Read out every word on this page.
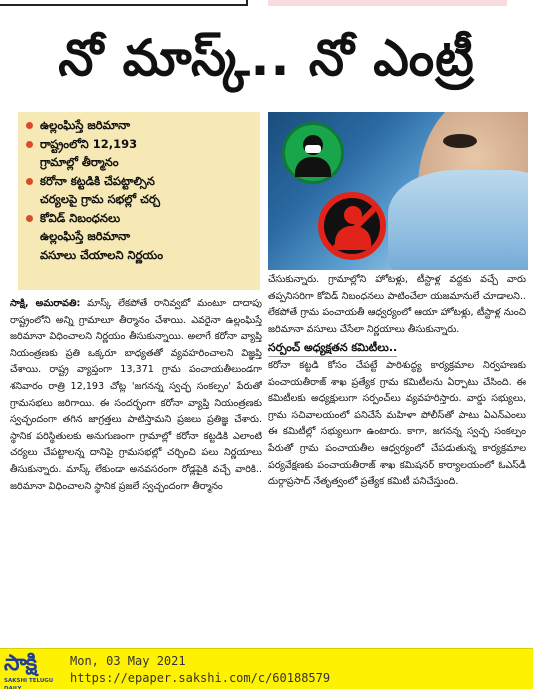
నో మాస్క్‌.. నో ఎంట్రీ
ఉల్లంఘిస్తే జరిమానా
రాష్ట్రంలోని 12,193
గ్రామాల్లో తీర్మానం
కరోనా కట్టడికి చేపట్టాల్సిన
చర్యలపై గ్రామ సభల్లో చర్చ
కోవిడ్‌ నిబంధనలు
ఉల్లంఘిస్తే జరిమానా
వసూలు చేయాలని నిర్ణయం

సాక్షి, అమరావతి: మాస్క్‌ లేకపోతే రానివ్వబో మంటూ దాదాపు రాష్ట్రంలోని అన్ని గ్రామాలూ తీర్మానం చేశాయి. ఎవరైనా ఉల్లంఘిస్తే జరిమానా విధించాలని నిర్ణయం తీసుకున్నాయి. అలాగే కరోనా వ్యాప్తి నియంత్రణకు ప్రతి ఒక్కరూ బాధ్యతతో వ్యవహరించాలని విజ్ఞప్తి చేశాయి. రాష్ట్ర వ్యాప్తంగా 13,371 గ్రామ పంచాయతీలుండగా శనివారం రాత్రి 12,193 చోట్ల 'జగనన్న స్వచ్ఛ సంకల్పం' పేరుతో గ్రామసభలు జరిగాయి. ఈ సందర్భంగా కరోనా వ్యాప్తి నియంత్రణకు స్వచ్ఛందంగా తగిన జాగ్రత్తలు పాటిస్తామని ప్రజలు ప్రతిజ్ఞ చేశారు. స్థానిక పరిస్థితులకు అనుగుణంగా గ్రామాల్లో కరోనా కట్టడికి ఎలాంటి చర్యలు చేపట్టాలన్న దానిపై గ్రామసభల్లో చర్చించి పలు నిర్ణయాలు తీసుకున్నారు. మాస్క్‌ లేకుండా అనవసరంగా రోడ్లపైకి వచ్చే వారికి.. జరిమానా విధించాలని స్థానిక ప్రజలే స్వచ్ఛందంగా తీర్మానం

చేసుకున్నారు. గ్రామాల్లోని హోటళ్లు, టీస్టాళ్ల వద్దకు వచ్చే వారు తప్పనిసరిగా కోవిడ్‌ నిబంధనలు పాటించేలా యజమానులే చూడాలని.. లేకపోతే గ్రామ పంచాయతీ ఆధ్వర్యంలో ఆయా హోటళ్లు, టీస్టాళ్ల నుంచి జరిమానా వసూలు చేసేలా నిర్ణయాలు తీసుకున్నారు.

సర్పంచ్‌ అధ్యక్షతన కమిటీలు..

కరోనా కట్టడి కోసం చేపట్టే పారిశుద్ధ్య కార్యక్రమాల నిర్వహణకు పంచాయతీరాజ్‌ శాఖ ప్రత్యేక గ్రామ కమిటీలను ఏర్పాటు చేసింది. ఈ కమిటీలకు అధ్యక్షులుగా సర్పంచ్‌లు వ్యవహరిస్తారు. వార్డు సభ్యులు, గ్రామ సచివాలయంలో పనిచేసే మహిళా పోలీస్‌తో పాటు ఏఎన్‌ఎంలు ఈ కమిటీల్లో సభ్యులుగా ఉంటారు. కాగా, జగనన్న స్వచ్ఛ సంకల్పం పేరుతో గ్రామ పంచాయతీల ఆధ్వర్యంలో చేపడుతున్న కార్యక్రమాల పర్యవేక్షణకు పంచాయతీరాజ్‌ శాఖ కమిషనర్‌ కార్యాలయంలో ఓఎస్‌డీ దుర్గాప్రసాద్‌ నేతృత్వంలో ప్రత్యేక కమిటీ పనిచేస్తుంది.

సాక్షి
SAKSHI TELUGU DAILY
Mon, 03 May 2021
https://epaper.sakshi.com/c/60188579
